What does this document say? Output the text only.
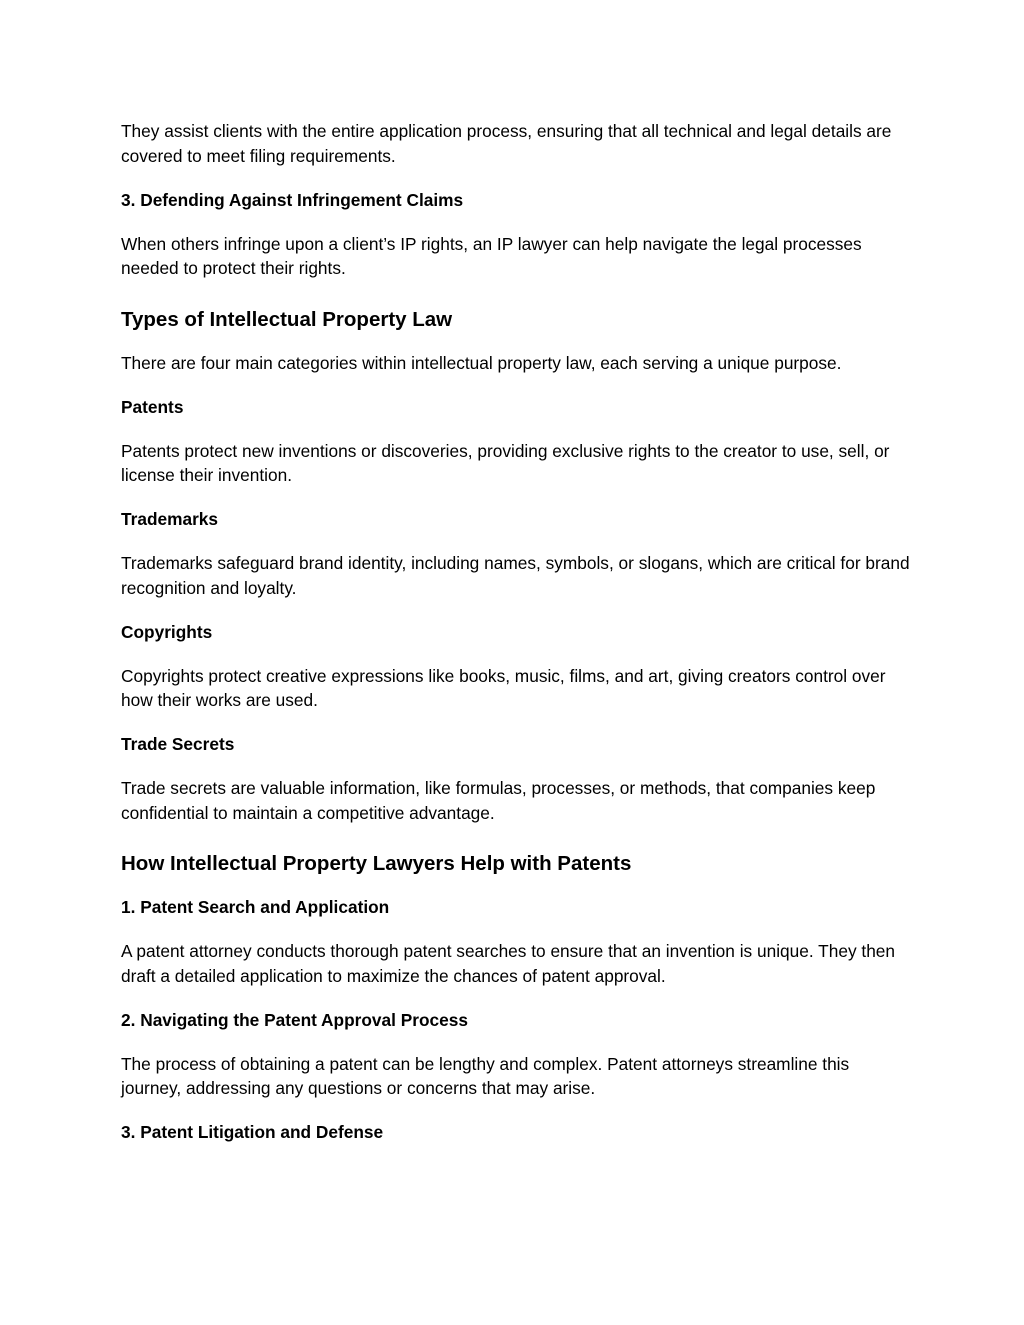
They assist clients with the entire application process, ensuring that all technical and legal details are covered to meet filing requirements.

3. Defending Against Infringement Claims

When others infringe upon a client’s IP rights, an IP lawyer can help navigate the legal processes needed to protect their rights.

Types of Intellectual Property Law

There are four main categories within intellectual property law, each serving a unique purpose.

Patents

Patents protect new inventions or discoveries, providing exclusive rights to the creator to use, sell, or license their invention.

Trademarks

Trademarks safeguard brand identity, including names, symbols, or slogans, which are critical for brand recognition and loyalty.

Copyrights

Copyrights protect creative expressions like books, music, films, and art, giving creators control over how their works are used.

Trade Secrets

Trade secrets are valuable information, like formulas, processes, or methods, that companies keep confidential to maintain a competitive advantage.

How Intellectual Property Lawyers Help with Patents
1. Patent Search and Application

A patent attorney conducts thorough patent searches to ensure that an invention is unique. They then draft a detailed application to maximize the chances of patent approval.

2. Navigating the Patent Approval Process

The process of obtaining a patent can be lengthy and complex. Patent attorneys streamline this journey, addressing any questions or concerns that may arise.

3. Patent Litigation and Defense
